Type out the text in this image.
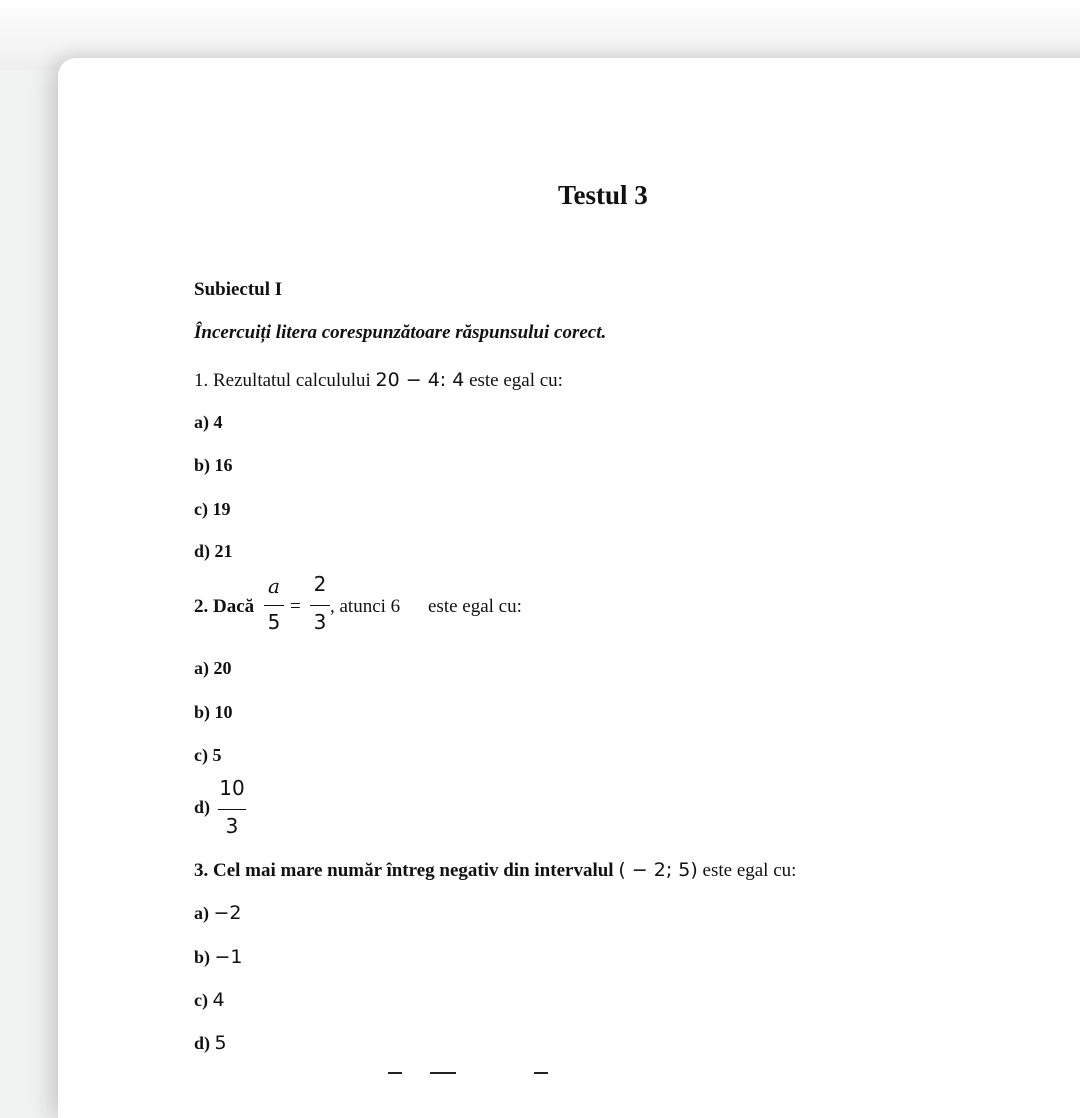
Testul 3
Subiectul I
Încercuiți litera corespunzătoare răspunsului corect.
1. Rezultatul calculului 20 − 4: 4 este egal cu:
a) 4
b) 16
c) 19
d) 21
2. Dacă
a
5
=
2
3
, atunci 6 este egal cu:
a) 20
b) 10
c) 5
d)
10
3
3. Cel mai mare număr întreg negativ din intervalul ( − 2; 5) este egal cu:
a) −2
b) −1
c) 4
d) 5
